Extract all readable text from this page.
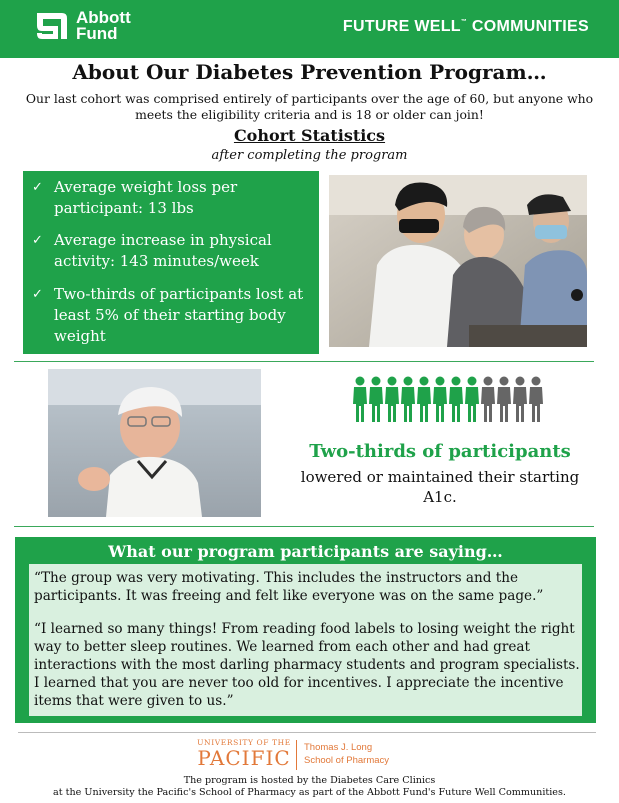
Abbott
Fund	FUTURE WELL™ COMMUNITIES
About Our Diabetes Prevention Program…
Our last cohort was comprised entirely of participants over the age of 60, but anyone who meets the eligibility criteria and is 18 or older can join!
Cohort Statistics
after completing the program
✓ Average weight loss per participant: 13 lbs
✓ Average increase in physical activity: 143 minutes/week
✓ Two-thirds of participants lost at least 5% of their starting body weight
Two-thirds of participants
lowered or maintained their starting A1c.
What our program participants are saying…
“The group was very motivating. This includes the instructors and the participants. It was freeing and felt like everyone was on the same page.”
“I learned so many things! From reading food labels to losing weight the right way to better sleep routines. We learned from each other and had great interactions with the most darling pharmacy students and program specialists. I learned that you are never too old for incentives. I appreciate the incentive items that were given to us.”
UNIVERSITY OF THE
PACIFIC Thomas J. Long
School of Pharmacy
The program is hosted by the Diabetes Care Clinics
at the University the Pacific's School of Pharmacy as part of the Abbott Fund's Future Well Communities.
